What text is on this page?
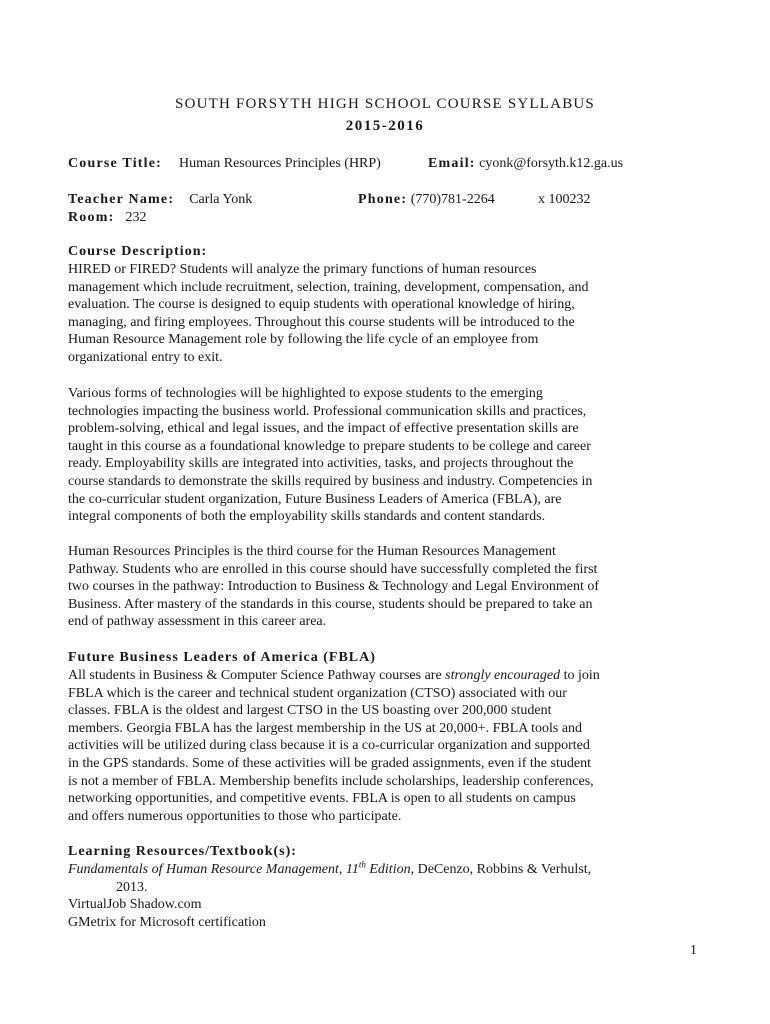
SOUTH FORSYTH HIGH SCHOOL COURSE SYLLABUS
2015-2016
Course Title: Human Resources Principles (HRP)	Email: cyonk@forsyth.k12.ga.us
Teacher Name: Carla Yonk	Phone: (770)781-2264	x 100232
Room: 232
Course Description:
HIRED or FIRED? Students will analyze the primary functions of human resources
management which include recruitment, selection, training, development, compensation, and
evaluation. The course is designed to equip students with operational knowledge of hiring,
managing, and firing employees. Throughout this course students will be introduced to the
Human Resource Management role by following the life cycle of an employee from
organizational entry to exit.
Various forms of technologies will be highlighted to expose students to the emerging
technologies impacting the business world. Professional communication skills and practices,
problem-solving, ethical and legal issues, and the impact of effective presentation skills are
taught in this course as a foundational knowledge to prepare students to be college and career
ready. Employability skills are integrated into activities, tasks, and projects throughout the
course standards to demonstrate the skills required by business and industry. Competencies in
the co-curricular student organization, Future Business Leaders of America (FBLA), are
integral components of both the employability skills standards and content standards.
Human Resources Principles is the third course for the Human Resources Management
Pathway. Students who are enrolled in this course should have successfully completed the first
two courses in the pathway: Introduction to Business & Technology and Legal Environment of
Business. After mastery of the standards in this course, students should be prepared to take an
end of pathway assessment in this career area.
Future Business Leaders of America (FBLA)
All students in Business & Computer Science Pathway courses are strongly encouraged to join
FBLA which is the career and technical student organization (CTSO) associated with our
classes. FBLA is the oldest and largest CTSO in the US boasting over 200,000 student
members. Georgia FBLA has the largest membership in the US at 20,000+. FBLA tools and
activities will be utilized during class because it is a co-curricular organization and supported
in the GPS standards. Some of these activities will be graded assignments, even if the student
is not a member of FBLA. Membership benefits include scholarships, leadership conferences,
networking opportunities, and competitive events. FBLA is open to all students on campus
and offers numerous opportunities to those who participate.
Learning Resources/Textbook(s):
Fundamentals of Human Resource Management, 11th Edition, DeCenzo, Robbins & Verhulst,
2013.
VirtualJob Shadow.com
GMetrix for Microsoft certification
1
